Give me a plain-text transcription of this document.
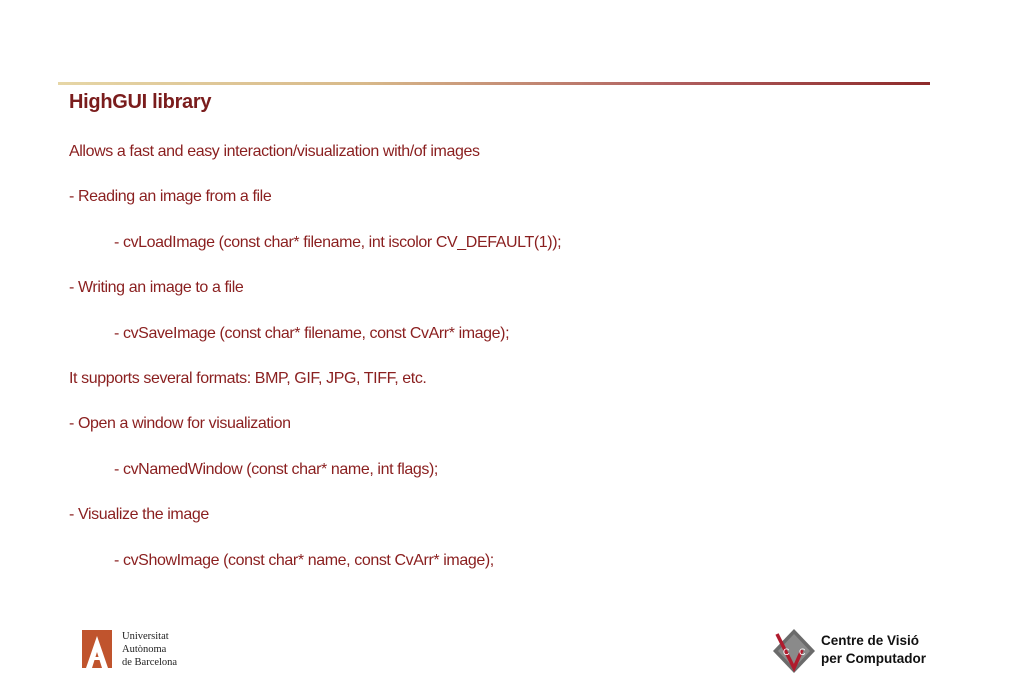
HighGUI library
Allows a fast and easy interaction/visualization with/of images
- Reading an image from a file
- cvLoadImage (const char* filename, int iscolor CV_DEFAULT(1));
- Writing an image to a file
- cvSaveImage (const char* filename, const CvArr* image);
It supports several formats: BMP, GIF, JPG, TIFF, etc.
- Open a window for visualization
- cvNamedWindow (const char* name, int flags);
- Visualize the image
- cvShowImage (const char* name, const CvArr* image);
Universitat
Autònoma
de Barcelona
C C
Centre de Visió
per Computador
